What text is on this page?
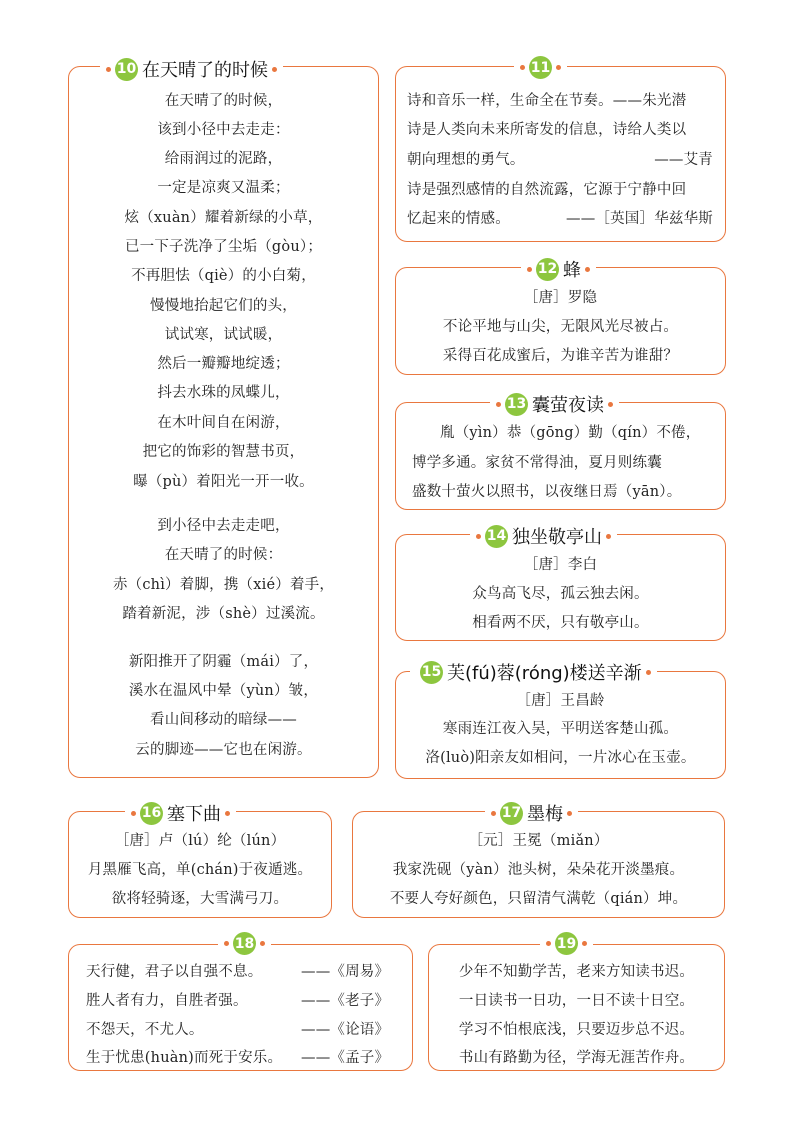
10 在天晴了的时候
在天晴了的时候，
该到小径中去走走：
给雨润过的泥路，
一定是凉爽又温柔；
炫（xuàn）耀着新绿的小草，
已一下子洗净了尘垢（gòu）；
不再胆怯（qiè）的小白菊，
慢慢地抬起它们的头，
试试寒，试试暖，
然后一瓣瓣地绽透；
抖去水珠的凤蝶儿，
在木叶间自在闲游，
把它的饰彩的智慧书页，
曝（pù）着阳光一开一收。
到小径中去走走吧，
在天晴了的时候：
赤（chì）着脚，携（xié）着手，
踏着新泥，涉（shè）过溪流。
新阳推开了阴霾（mái）了，
溪水在温风中晕（yùn）皱，
看山间移动的暗绿——
云的脚迹——它也在闲游。
11
诗和音乐一样，生命全在节奏。——朱光潜
诗是人类向未来所寄发的信息，诗给人类以
朝向理想的勇气。	——艾青
诗是强烈感情的自然流露，它源于宁静中回
忆起来的情感。	——［英国］华兹华斯
12 蜂
［唐］罗隐
不论平地与山尖，无限风光尽被占。
采得百花成蜜后，为谁辛苦为谁甜？
13 囊萤夜读
胤（yìn）恭（gōng）勤（qín）不倦，
博学多通。家贫不常得油，夏月则练囊
盛数十萤火以照书，以夜继日焉（yān）。
14 独坐敬亭山
［唐］李白
众鸟高飞尽，孤云独去闲。
相看两不厌，只有敬亭山。
15 芙(fú)蓉(róng)楼送辛渐
［唐］王昌龄
寒雨连江夜入吴，平明送客楚山孤。
洛(luò)阳亲友如相问，一片冰心在玉壶。
16 塞下曲
［唐］卢（lú）纶（lún）
月黑雁飞高，单(chán)于夜遁逃。
欲将轻骑逐，大雪满弓刀。
17 墨梅
［元］王冕（miǎn）
我家洗砚（yàn）池头树，朵朵花开淡墨痕。
不要人夸好颜色，只留清气满乾（qián）坤。
18
天行健，君子以自强不息。	——《周易》
胜人者有力，自胜者强。	——《老子》
不怨天，不尤人。	——《论语》
生于忧患(huàn)而死于安乐。 ——《孟子》
19
少年不知勤学苦，老来方知读书迟。
一日读书一日功，一日不读十日空。
学习不怕根底浅，只要迈步总不迟。
书山有路勤为径，学海无涯苦作舟。
